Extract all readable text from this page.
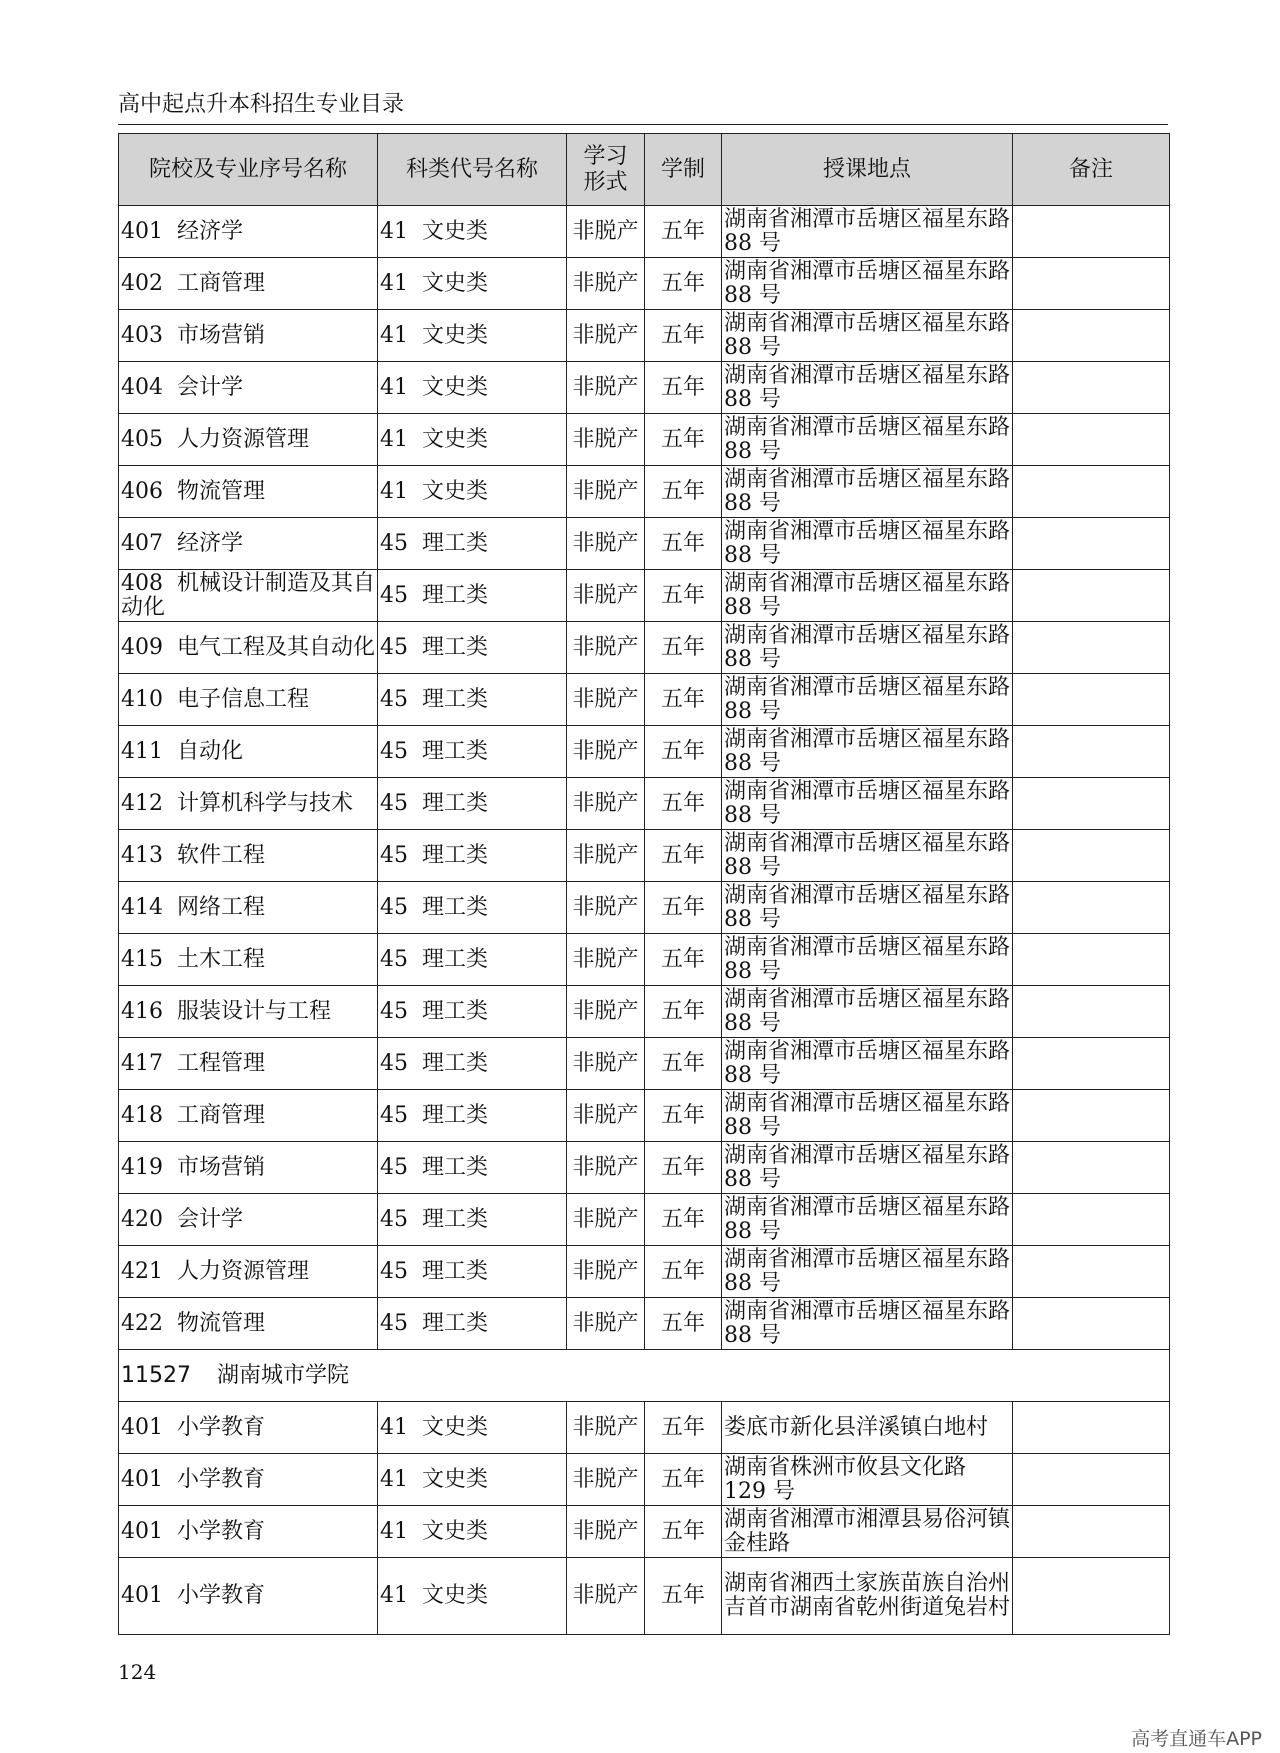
高中起点升本科招生专业目录
院校及专业序号名称	科类代号名称	学习
形式	学制	授课地点	备注
401 经济学	41 文史类	非脱产	五年	湖南省湘潭市岳塘区福星东路 88 号	
402 工商管理	41 文史类	非脱产	五年	湖南省湘潭市岳塘区福星东路 88 号	
403 市场营销	41 文史类	非脱产	五年	湖南省湘潭市岳塘区福星东路 88 号	
404 会计学	41 文史类	非脱产	五年	湖南省湘潭市岳塘区福星东路 88 号	
405 人力资源管理	41 文史类	非脱产	五年	湖南省湘潭市岳塘区福星东路 88 号	
406 物流管理	41 文史类	非脱产	五年	湖南省湘潭市岳塘区福星东路 88 号	
407 经济学	45 理工类	非脱产	五年	湖南省湘潭市岳塘区福星东路 88 号	
408 机械设计制造及其自动化	45 理工类	非脱产	五年	湖南省湘潭市岳塘区福星东路 88 号	
409 电气工程及其自动化	45 理工类	非脱产	五年	湖南省湘潭市岳塘区福星东路 88 号	
410 电子信息工程	45 理工类	非脱产	五年	湖南省湘潭市岳塘区福星东路 88 号	
411 自动化	45 理工类	非脱产	五年	湖南省湘潭市岳塘区福星东路 88 号	
412 计算机科学与技术	45 理工类	非脱产	五年	湖南省湘潭市岳塘区福星东路 88 号	
413 软件工程	45 理工类	非脱产	五年	湖南省湘潭市岳塘区福星东路 88 号	
414 网络工程	45 理工类	非脱产	五年	湖南省湘潭市岳塘区福星东路 88 号	
415 土木工程	45 理工类	非脱产	五年	湖南省湘潭市岳塘区福星东路 88 号	
416 服装设计与工程	45 理工类	非脱产	五年	湖南省湘潭市岳塘区福星东路 88 号	
417 工程管理	45 理工类	非脱产	五年	湖南省湘潭市岳塘区福星东路 88 号	
418 工商管理	45 理工类	非脱产	五年	湖南省湘潭市岳塘区福星东路 88 号	
419 市场营销	45 理工类	非脱产	五年	湖南省湘潭市岳塘区福星东路 88 号	
420 会计学	45 理工类	非脱产	五年	湖南省湘潭市岳塘区福星东路 88 号	
421 人力资源管理	45 理工类	非脱产	五年	湖南省湘潭市岳塘区福星东路 88 号	
422 物流管理	45 理工类	非脱产	五年	湖南省湘潭市岳塘区福星东路 88 号	
11527 湖南城市学院					
401 小学教育	41 文史类	非脱产	五年	娄底市新化县洋溪镇白地村	
401 小学教育	41 文史类	非脱产	五年	湖南省株洲市攸县文化路 129 号	
401 小学教育	41 文史类	非脱产	五年	湖南省湘潭市湘潭县易俗河镇金桂路	
401 小学教育	41 文史类	非脱产	五年	湖南省湘西土家族苗族自治州吉首市湖南省乾州街道兔岩村	
124
高考直通车APP
